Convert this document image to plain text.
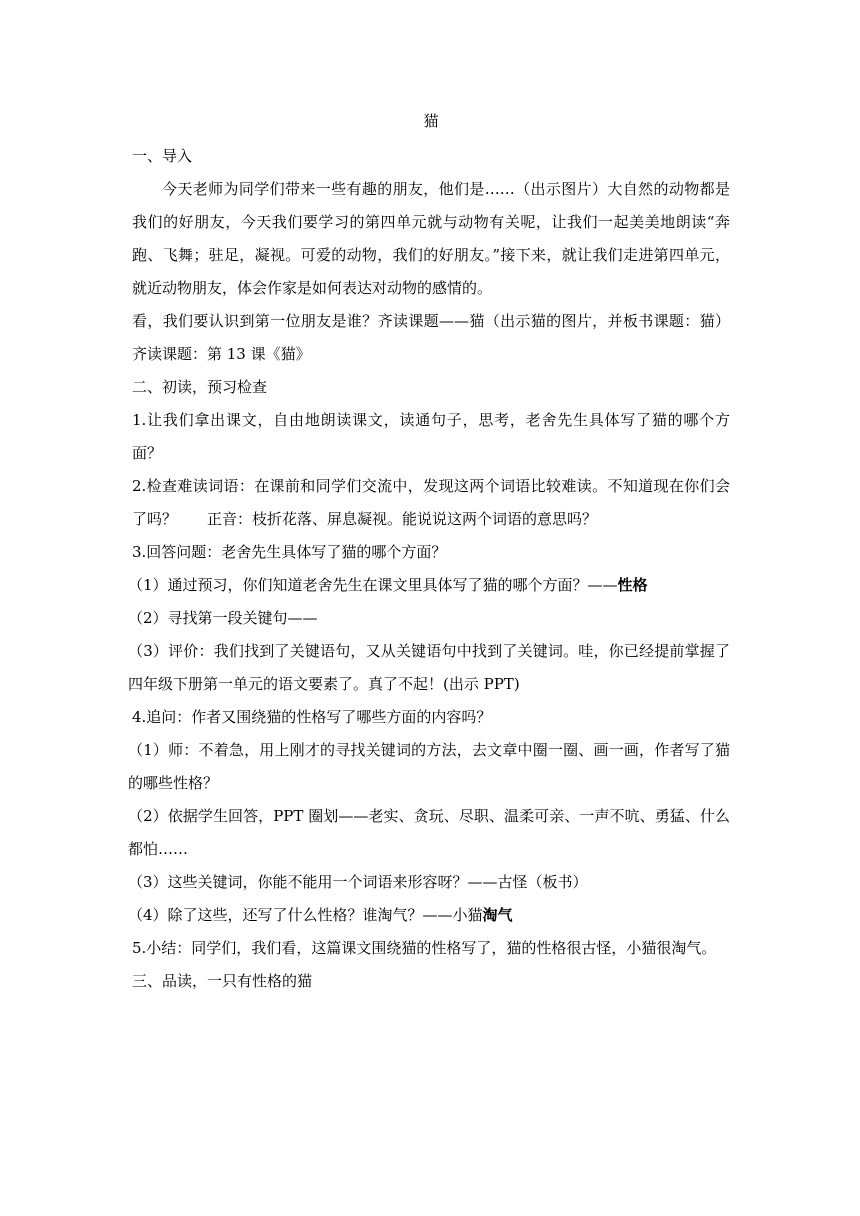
猫

一、导入

今天老师为同学们带来一些有趣的朋友，他们是……（出示图片）大自然的动物都是我们的好朋友，今天我们要学习的第四单元就与动物有关呢，让我们一起美美地朗读“奔跑、飞舞；驻足，凝视。可爱的动物，我们的好朋友。”接下来，就让我们走进第四单元，就近动物朋友，体会作家是如何表达对动物的感情的。

看，我们要认识到第一位朋友是谁？齐读课题——猫（出示猫的图片，并板书课题：猫）齐读课题：第 13 课《猫》

二、初读，预习检查

1.让我们拿出课文，自由地朗读课文，读通句子，思考，老舍先生具体写了猫的哪个方面？

2.检查难读词语：在课前和同学们交流中，发现这两个词语比较难读。不知道现在你们会了吗？　　正音：枝折花落、屏息凝视。能说说这两个词语的意思吗？

3.回答问题：老舍先生具体写了猫的哪个方面？

（1）通过预习，你们知道老舍先生在课文里具体写了猫的哪个方面？——性格

（2）寻找第一段关键句——

（3）评价：我们找到了关键语句，又从关键语句中找到了关键词。哇，你已经提前掌握了四年级下册第一单元的语文要素了。真了不起！(出示 PPT)

4.追问：作者又围绕猫的性格写了哪些方面的内容吗？

（1）师：不着急，用上刚才的寻找关键词的方法，去文章中圈一圈、画一画，作者写了猫的哪些性格？

（2）依据学生回答，PPT 圈划——老实、贪玩、尽职、温柔可亲、一声不吭、勇猛、什么都怕……

（3）这些关键词，你能不能用一个词语来形容呀？——古怪（板书）

（4）除了这些，还写了什么性格？谁淘气？——小猫淘气

5.小结：同学们，我们看，这篇课文围绕猫的性格写了，猫的性格很古怪，小猫很淘气。

三、品读，一只有性格的猫
